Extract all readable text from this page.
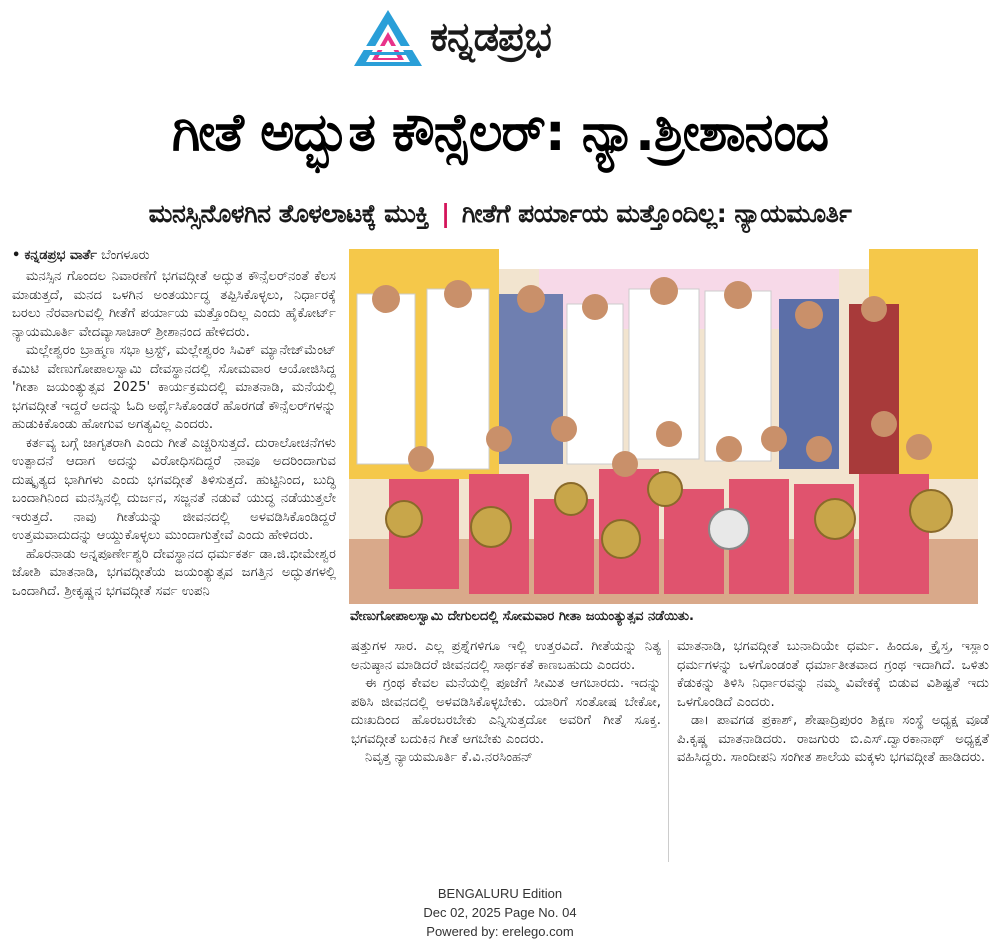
ಕನ್ನಡಪ್ರಭ
ಗೀತೆ ಅದ್ಭುತ ಕೌನ್ಸೆಲರ್: ನ್ಯಾ.ಶ್ರೀಶಾನಂದ
ಮನಸ್ಸಿನೊಳಗಿನ ತೊಳಲಾಟಕ್ಕೆ ಮುಕ್ತಿ | ಗೀತೆಗೆ ಪರ್ಯಾಯ ಮತ್ತೊಂದಿಲ್ಲ: ನ್ಯಾಯಮೂರ್ತಿ

• ಕನ್ನಡಪ್ರಭ ವಾರ್ತೆ ಬೆಂಗಳೂರು

ಮನಸ್ಸಿನ ಗೊಂದಲ ನಿವಾರಣೆಗೆ ಭಗವದ್ಗೀತೆ ಅದ್ಭುತ ಕೌನ್ಸೆಲರ್‌ನಂತೆ ಕೆಲಸ ಮಾಡುತ್ತದೆ, ಮನದ ಒಳಗಿನ ಅಂತರ್ಯುದ್ಧ ತಪ್ಪಿಸಿಕೊಳ್ಳಲು, ನಿರ್ಧಾರಕ್ಕೆ ಬರಲು ನೆರವಾಗುವಲ್ಲಿ ಗೀತೆಗೆ ಪರ್ಯಾಯ ಮತ್ತೊಂದಿಲ್ಲ ಎಂದು ಹೈಕೋರ್ಟ್ ನ್ಯಾಯಮೂರ್ತಿ ವೇದವ್ಯಾಸಾಚಾರ್ ಶ್ರೀಶಾನಂದ ಹೇಳಿದರು.

ಮಲ್ಲೇಶ್ವರಂ ಬ್ರಾಹ್ಮಣ ಸಭಾ ಟ್ರಸ್ಟ್, ಮಲ್ಲೇಶ್ವರಂ ಸಿವಿಕ್ ಮ್ಯಾನೇಜ್‌ಮೆಂಟ್ ಕಮಿಟಿ ವೇಣುಗೋಪಾಲಸ್ವಾಮಿ ದೇವಸ್ಥಾನದಲ್ಲಿ ಸೋಮವಾರ ಆಯೋಜಿಸಿದ್ದ 'ಗೀತಾ ಜಯಂತ್ಯುತ್ಸವ 2025' ಕಾರ್ಯಕ್ರಮದಲ್ಲಿ ಮಾತನಾಡಿ, ಮನೆಯಲ್ಲಿ ಭಗವದ್ಗೀತೆ ಇದ್ದರೆ ಅದನ್ನು ಓದಿ ಅರ್ಥೈಸಿಕೊಂಡರೆ ಹೊರಗಡೆ ಕೌನ್ಸೆಲರ್‌ಗಳನ್ನು ಹುಡುಕಿಕೊಂಡು ಹೋಗುವ ಅಗತ್ಯವಿಲ್ಲ ಎಂದರು.

ಕರ್ತವ್ಯ ಬಗ್ಗೆ ಜಾಗೃತರಾಗಿ ಎಂದು ಗೀತೆ ಎಚ್ಚರಿಸುತ್ತದೆ. ದುರಾಲೋಚನೆಗಳು ಉತ್ಪಾದನೆ ಆದಾಗ ಅದನ್ನು ವಿರೋಧಿಸದಿದ್ದರೆ ನಾವೂ ಅದರಿಂದಾಗುವ ದುಷ್ಕೃತ್ಯದ ಭಾಗಿಗಳು ಎಂದು ಭಗವದ್ಗೀತೆ ತಿಳಿಸುತ್ತದೆ. ಹುಟ್ಟಿನಿಂದ, ಬುದ್ಧಿ ಬಂದಾಗಿನಿಂದ ಮನಸ್ಸಿನಲ್ಲಿ ದುರ್ಜನ, ಸಜ್ಜನತೆ ನಡುವೆ ಯುದ್ಧ ನಡೆಯುತ್ತಲೇ ಇರುತ್ತದೆ. ನಾವು ಗೀತೆಯನ್ನು ಜೀವನದಲ್ಲಿ ಅಳವಡಿಸಿಕೊಂಡಿದ್ದರೆ ಉತ್ತಮವಾದುದನ್ನು ಆಯ್ದುಕೊಳ್ಳಲು ಮುಂದಾಗುತ್ತೇವೆ ಎಂದು ಹೇಳಿದರು.

ಹೊರನಾಡು ಅನ್ನಪೂರ್ಣೇಶ್ವರಿ ದೇವಸ್ಥಾನದ ಧರ್ಮಕರ್ತ ಡಾ.ಜಿ.ಭೀಮೇಶ್ವರ ಜೋಶಿ ಮಾತನಾಡಿ, ಭಗವದ್ಗೀತೆಯ ಜಯಂತ್ಯುತ್ಸವ ಜಗತ್ತಿನ ಅದ್ಭುತಗಳಲ್ಲಿ ಒಂದಾಗಿದೆ. ಶ್ರೀಕೃಷ್ಣನ ಭಗವದ್ಗೀತೆ ಸರ್ವ ಉಪನಿ

ವೇಣುಗೋಪಾಲಸ್ವಾಮಿ ದೇಗುಲದಲ್ಲಿ ಸೋಮವಾರ ಗೀತಾ ಜಯಂತ್ಯುತ್ಸವ ನಡೆಯಿತು.

ಷತ್ತುಗಳ ಸಾರ. ಎಲ್ಲ ಪ್ರಶ್ನೆಗಳಿಗೂ ಇಲ್ಲಿ ಉತ್ತರವಿದೆ. ಗೀತೆಯನ್ನು ನಿತ್ಯ ಅನುಷ್ಠಾನ ಮಾಡಿದರೆ ಜೀವನದಲ್ಲಿ ಸಾರ್ಥಕತೆ ಕಾಣಬಹುದು ಎಂದರು.

ಈ ಗ್ರಂಥ ಕೇವಲ ಮನೆಯಲ್ಲಿ ಪೂಜೆಗೆ ಸೀಮಿತ ಆಗಬಾರದು. ಇದನ್ನು ಪಠಿಸಿ ಜೀವನದಲ್ಲಿ ಅಳವಡಿಸಿಕೊಳ್ಳಬೇಕು. ಯಾರಿಗೆ ಸಂತೋಷ ಬೇಕೋ, ದುಃಖದಿಂದ ಹೊರಬರಬೇಕು ಎನ್ನಿಸುತ್ತದೋ ಅವರಿಗೆ ಗೀತೆ ಸೂಕ್ತ. ಭಗವದ್ಗೀತೆ ಬದುಕಿನ ಗೀತೆ ಆಗಬೇಕು ಎಂದರು.

ನಿವೃತ್ತ ನ್ಯಾಯಮೂರ್ತಿ ಕೆ.ವಿ.ನರಸಿಂಹನ್

ಮಾತನಾಡಿ, ಭಗವದ್ಗೀತೆ ಬುನಾದಿಯೇ ಧರ್ಮ. ಹಿಂದೂ, ಕ್ರೈಸ್ತ, ಇಸ್ಲಾಂ ಧರ್ಮಗಳನ್ನು ಒಳಗೊಂಡಂತೆ ಧರ್ಮಾತೀತವಾದ ಗ್ರಂಥ ಇದಾಗಿದೆ. ಒಳಿತು ಕೆಡುಕನ್ನು ತಿಳಿಸಿ ನಿರ್ಧಾರವನ್ನು ನಮ್ಮ ವಿವೇಕಕ್ಕೆ ಬಿಡುವ ವಿಶಿಷ್ಟತೆ ಇದು ಒಳಗೊಂಡಿದೆ ಎಂದರು.

ಡಾ। ಪಾವಗಡ ಪ್ರಕಾಶ್, ಶೇಷಾದ್ರಿಪುರಂ ಶಿಕ್ಷಣ ಸಂಸ್ಥೆ ಅಧ್ಯಕ್ಷ ವೂಡೆ ಪಿ.ಕೃಷ್ಣ ಮಾತನಾಡಿದರು. ರಾಜಗುರು ಬಿ.ಎಸ್.ದ್ವಾರಕಾನಾಥ್ ಅಧ್ಯಕ್ಷತೆ ವಹಿಸಿದ್ದರು. ಸಾಂದೀಪನಿ ಸಂಗೀತ ಶಾಲೆಯ ಮಕ್ಕಳು ಭಗವದ್ಗೀತೆ ಹಾಡಿದರು.

BENGALURU Edition
Dec 02, 2025 Page No. 04
Powered by: erelego.com
